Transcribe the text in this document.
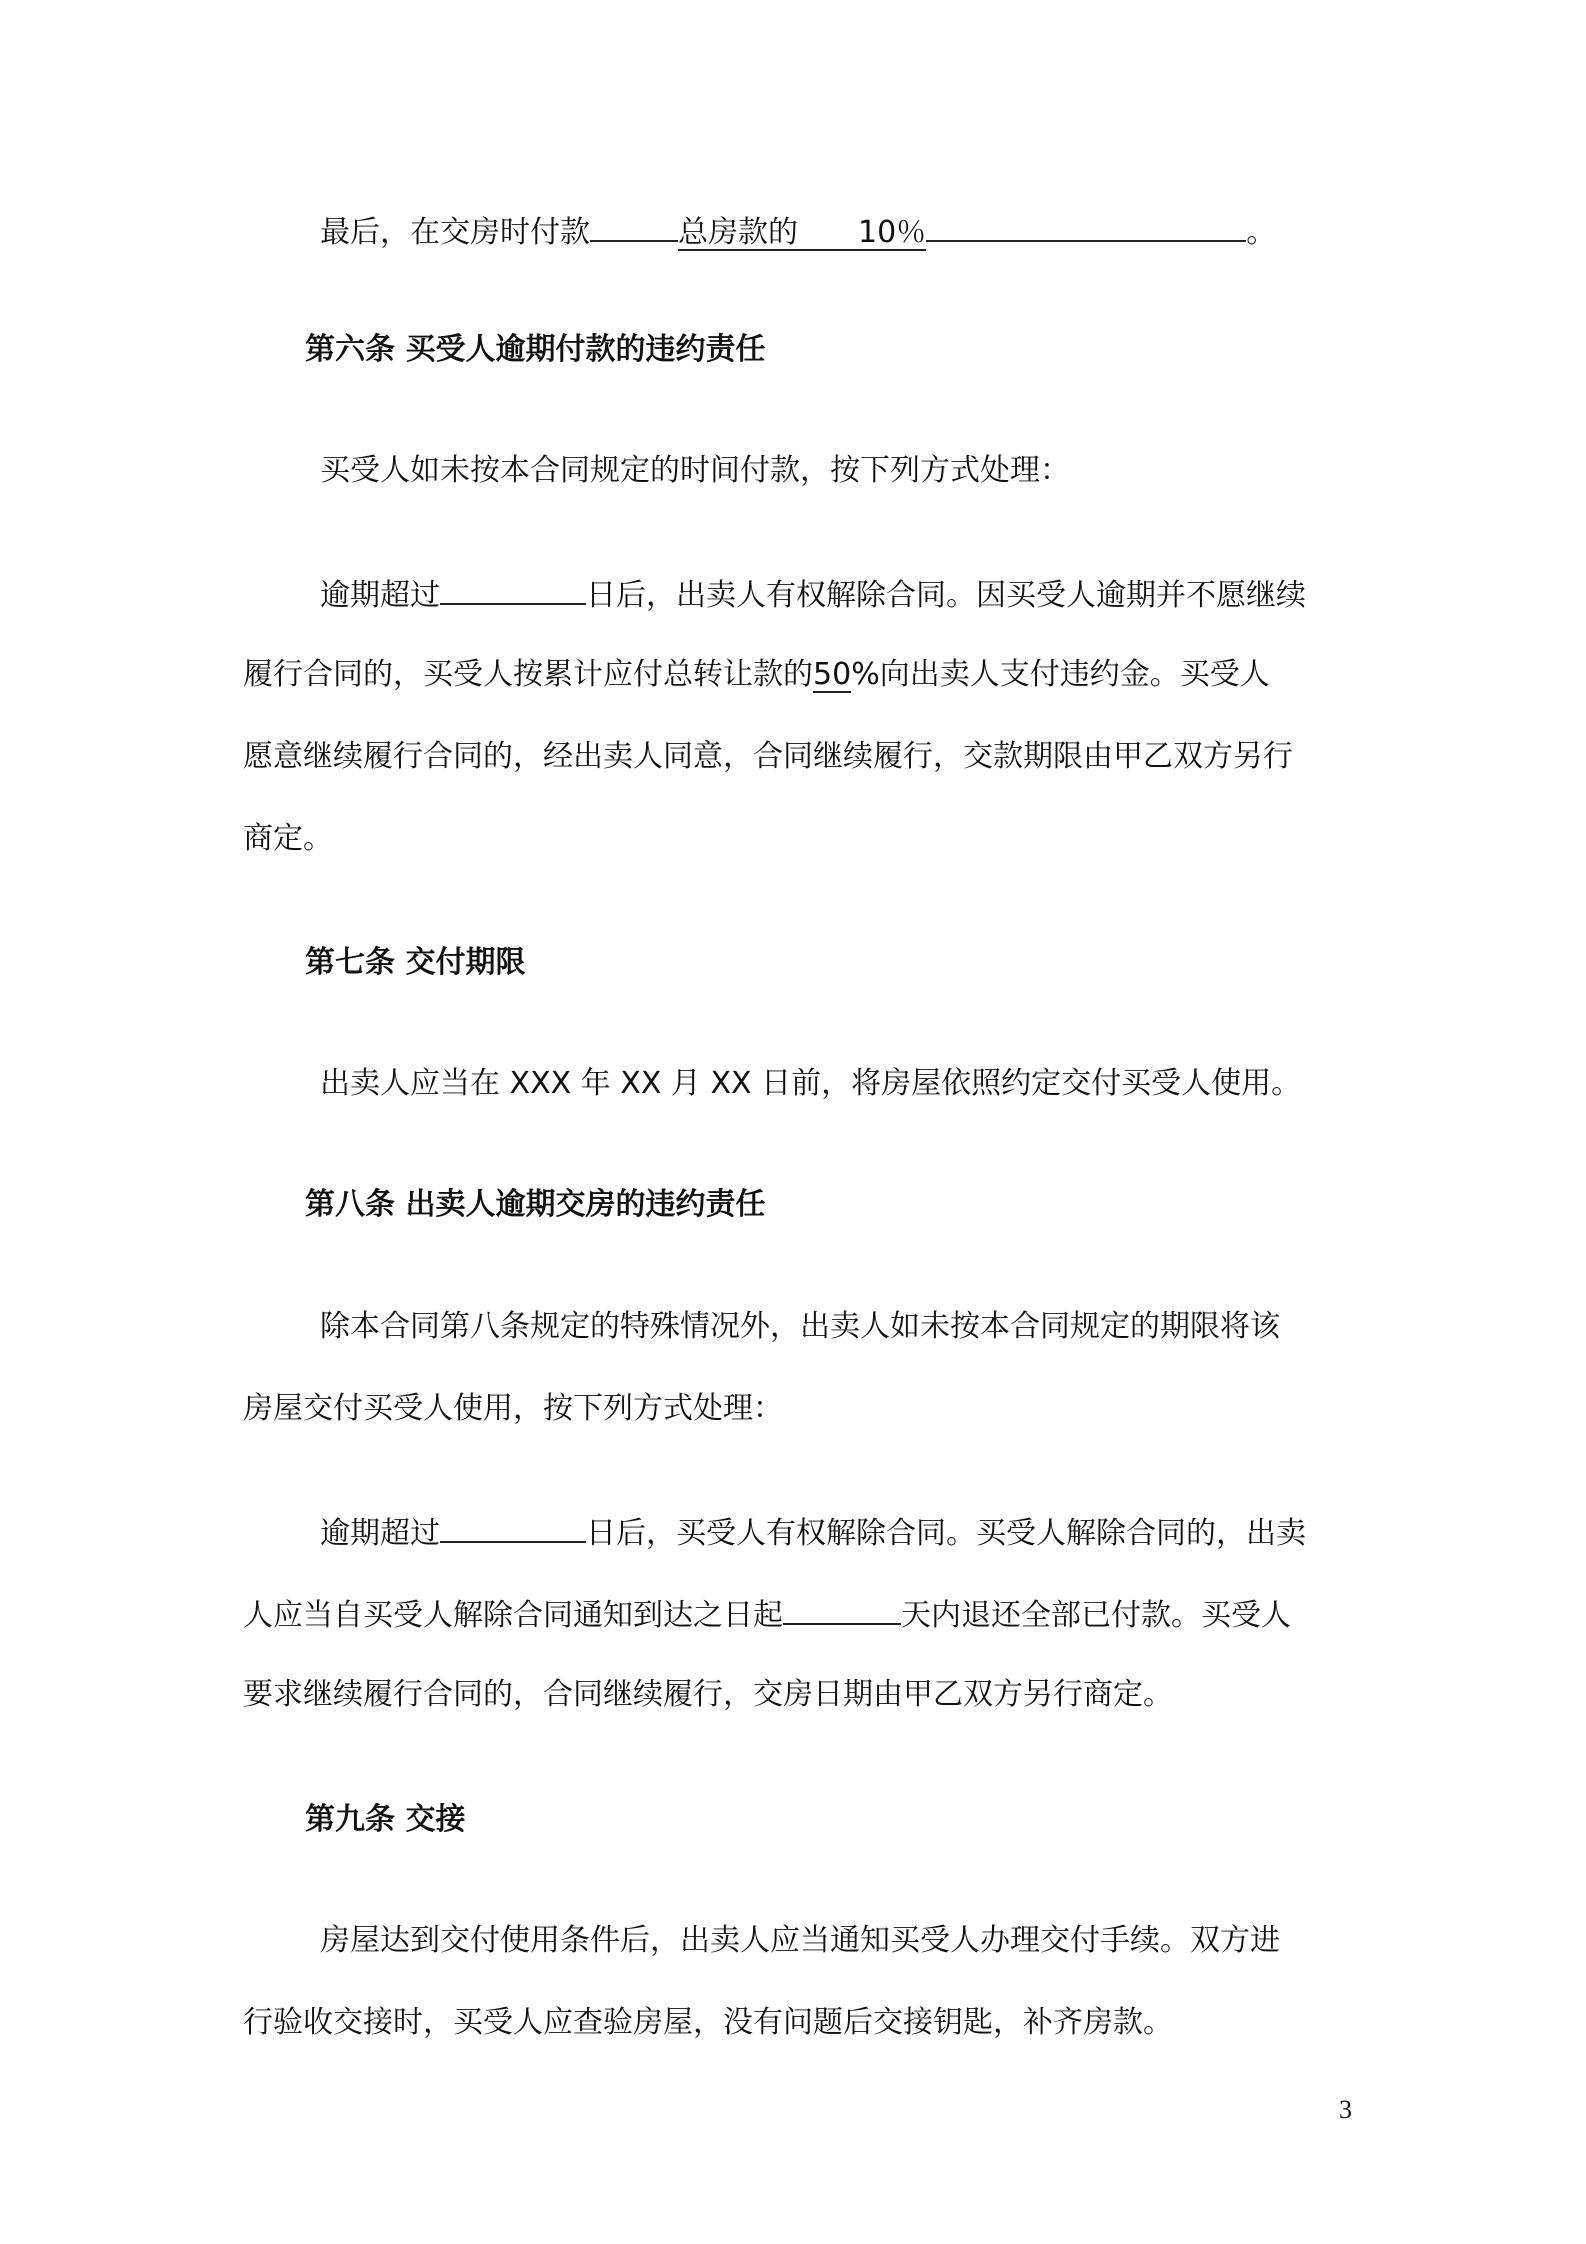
最后，在交房时付款	总房款的　　10％	。
第六条 买受人逾期付款的违约责任
买受人如未按本合同规定的时间付款，按下列方式处理：
逾期超过	日后，出卖人有权解除合同。因买受人逾期并不愿继续
履行合同的，买受人按累计应付总转让款的50%向出卖人支付违约金。买受人
愿意继续履行合同的，经出卖人同意，合同继续履行，交款期限由甲乙双方另行
商定。
第七条 交付期限
出卖人应当在 XXX 年 XX 月 XX 日前，将房屋依照约定交付买受人使用。
第八条 出卖人逾期交房的违约责任
除本合同第八条规定的特殊情况外，出卖人如未按本合同规定的期限将该
房屋交付买受人使用，按下列方式处理：
逾期超过	日后，买受人有权解除合同。买受人解除合同的，出卖
人应当自买受人解除合同通知到达之日起	天内退还全部已付款。买受人
要求继续履行合同的，合同继续履行，交房日期由甲乙双方另行商定。
第九条 交接
房屋达到交付使用条件后，出卖人应当通知买受人办理交付手续。双方进
行验收交接时，买受人应查验房屋，没有问题后交接钥匙，补齐房款。
3
